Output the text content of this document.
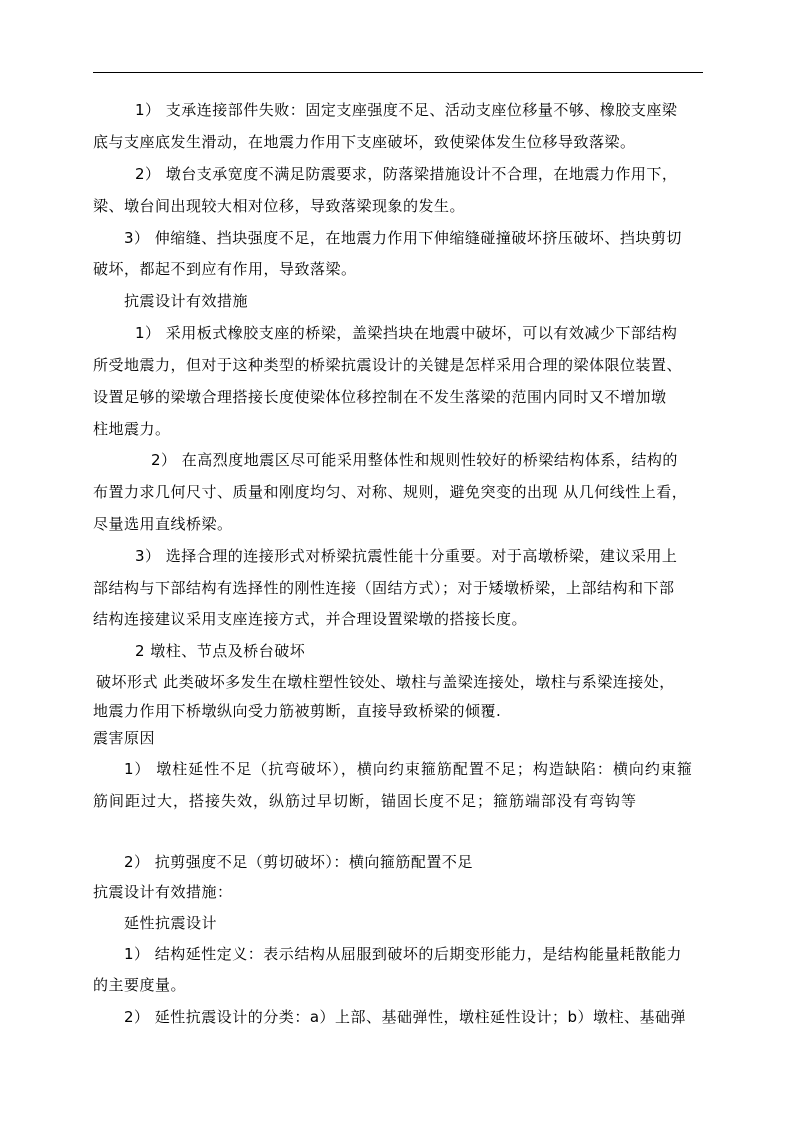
1） 支承连接部件失败：固定支座强度不足、活动支座位移量不够、橡胶支座梁

底与支座底发生滑动，在地震力作用下支座破坏，致使梁体发生位移导致落梁。

2） 墩台支承宽度不满足防震要求，防落梁措施设计不合理，在地震力作用下，

梁、墩台间出现较大相对位移，导致落梁现象的发生。

3） 伸缩缝、挡块强度不足，在地震力作用下伸缩缝碰撞破坏挤压破坏、挡块剪切

破坏，都起不到应有作用，导致落梁。

抗震设计有效措施

1） 采用板式橡胶支座的桥梁，盖梁挡块在地震中破坏，可以有效减少下部结构

所受地震力，但对于这种类型的桥梁抗震设计的关键是怎样采用合理的梁体限位装置、

设置足够的梁墩合理搭接长度使梁体位移控制在不发生落梁的范围内同时又不增加墩

柱地震力。

2） 在高烈度地震区尽可能采用整体性和规则性较好的桥梁结构体系，结构的

布置力求几何尺寸、质量和刚度均匀、对称、规则，避免突变的出现 从几何线性上看，

尽量选用直线桥梁。

3） 选择合理的连接形式对桥梁抗震性能十分重要。对于高墩桥梁，建议采用上

部结构与下部结构有选择性的刚性连接（固结方式）；对于矮墩桥梁，上部结构和下部

结构连接建议采用支座连接方式，并合理设置梁墩的搭接长度。

2 墩柱、节点及桥台破坏

破坏形式 此类破坏多发生在墩柱塑性铰处、墩柱与盖梁连接处，墩柱与系梁连接处，

地震力作用下桥墩纵向受力筋被剪断，直接导致桥梁的倾覆.

震害原因

1） 墩柱延性不足（抗弯破坏），横向约束箍筋配置不足；构造缺陷：横向约束箍

筋间距过大，搭接失效，纵筋过早切断，锚固长度不足；箍筋端部没有弯钩等

2） 抗剪强度不足（剪切破坏）：横向箍筋配置不足

抗震设计有效措施：

延性抗震设计

1） 结构延性定义：表示结构从屈服到破坏的后期变形能力，是结构能量耗散能力

的主要度量。

2） 延性抗震设计的分类：a）上部、基础弹性，墩柱延性设计；b）墩柱、基础弹
